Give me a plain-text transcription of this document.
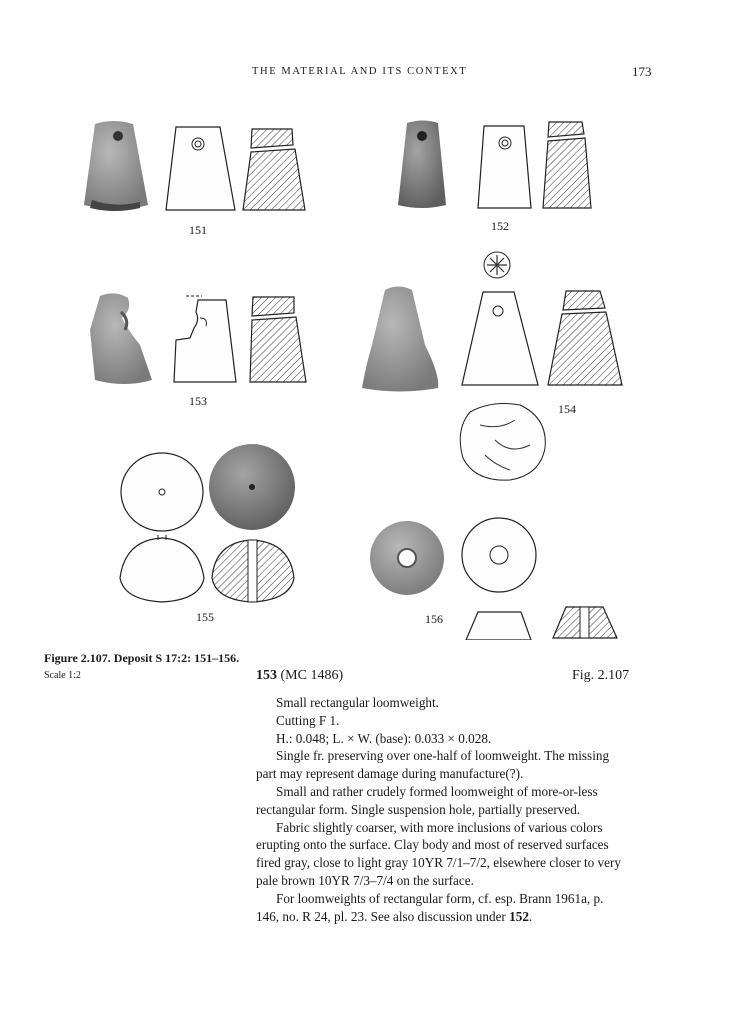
THE MATERIAL AND ITS CONTEXT	173
151	152
153
154
155	156
Figure 2.107. Deposit S 17:2: 151–156. Scale 1:2	153 (MC 1486)	Fig. 2.107

Small rectangular loomweight.

Cutting F 1.

H.: 0.048; L. × W. (base): 0.033 × 0.028.

Single fr. preserving over one-half of loomweight. The missing part may represent damage during manufacture(?).

Small and rather crudely formed loomweight of more-or-less rectangular form. Single suspension hole, partially preserved.

Fabric slightly coarser, with more inclusions of various colors erupting onto the surface. Clay body and most of reserved surfaces fired gray, close to light gray 10YR 7/1–7/2, elsewhere closer to very pale brown 10YR 7/3–7/4 on the surface.

For loomweights of rectangular form, cf. esp. Brann 1961a, p. 146, no. R 24, pl. 23. See also discussion under 152.
